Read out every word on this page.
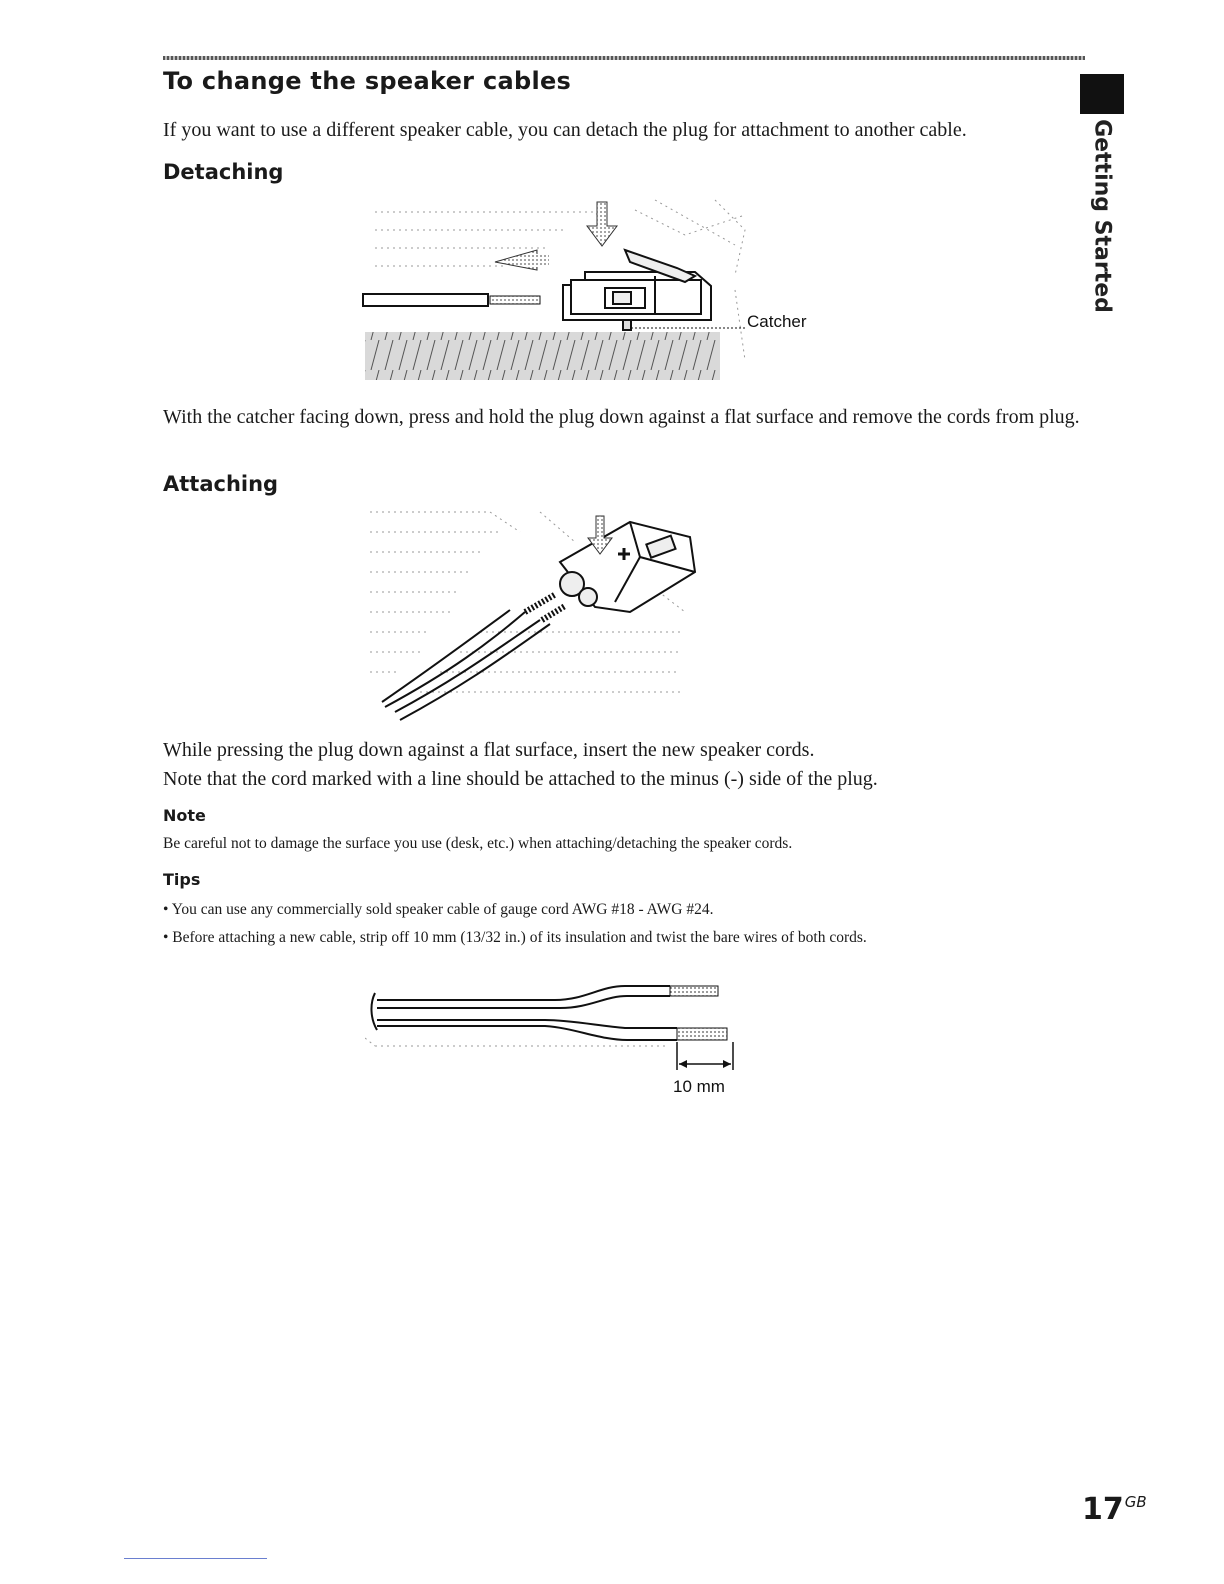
To change the speaker cables
Getting Started

If you want to use a different speaker cable, you can detach the plug for attachment to another cable.

Detaching
Catcher

With the catcher facing down, press and hold the plug down against a flat surface and remove the cords from plug.

Attaching

While pressing the plug down against a flat surface, insert the new speaker cords.

Note that the cord marked with a line should be attached to the minus (-) side of the plug.

Note

Be careful not to damage the surface you use (desk, etc.) when attaching/detaching the speaker cords.

Tips

• You can use any commercially sold speaker cable of gauge cord AWG #18 - AWG #24.

• Before attaching a new cable, strip off 10 mm (13/32 in.) of its insulation and twist the bare wires of both cords.

10 mm
$17^{GB}$
